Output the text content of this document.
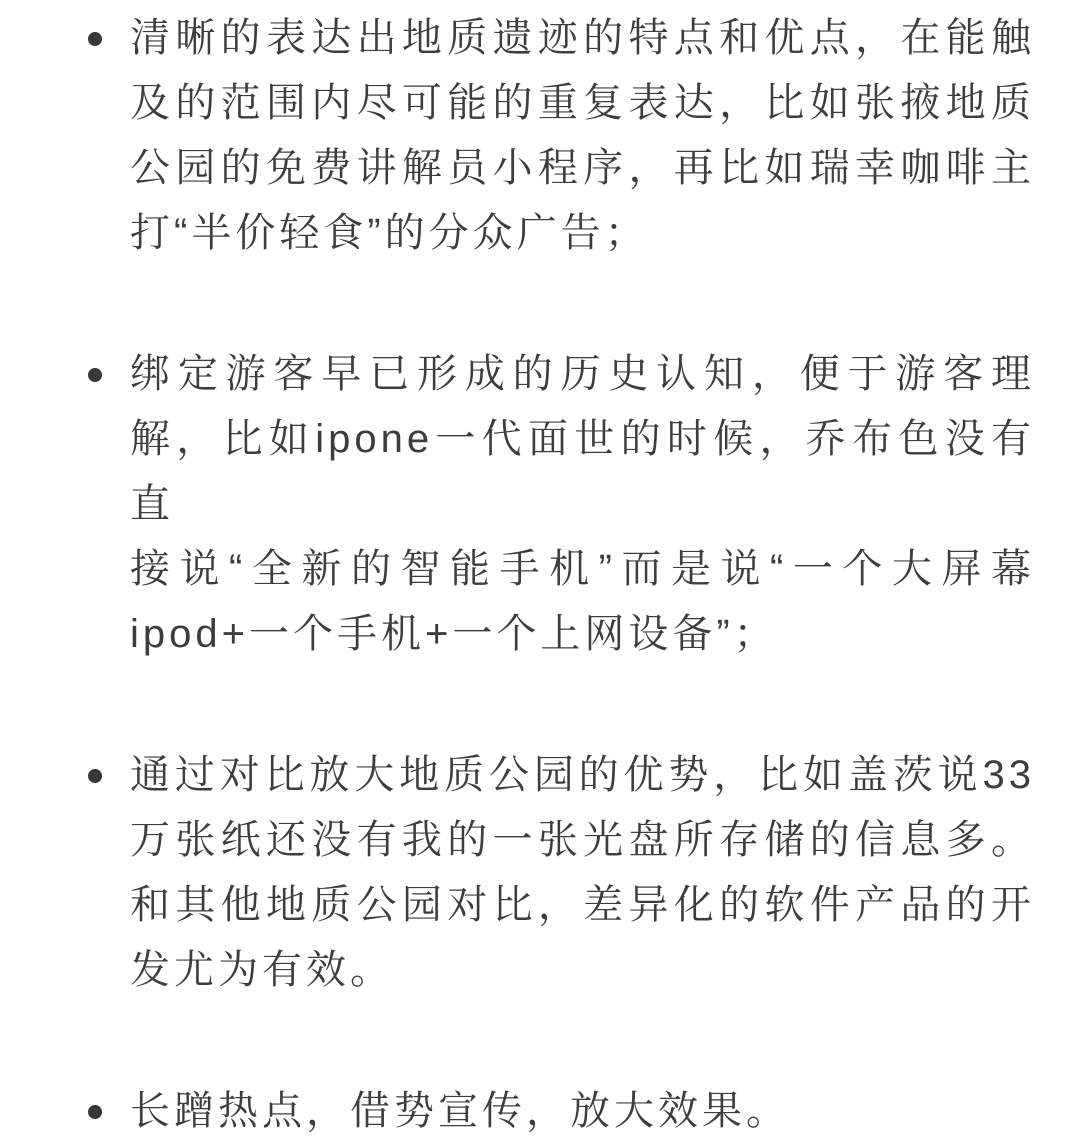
清晰的表达出地质遗迹的特点和优点，在能触
及的范围内尽可能的重复表达，比如张掖地质
公园的免费讲解员小程序，再比如瑞幸咖啡主
打“半价轻食”的分众广告；
绑定游客早已形成的历史认知，便于游客理
解，比如ipone一代面世的时候，乔布色没有直
接说“全新的智能手机”而是说“一个大屏幕
ipod+一个手机+一个上网设备”；
通过对比放大地质公园的优势，比如盖茨说33
万张纸还没有我的一张光盘所存储的信息多。
和其他地质公园对比，差异化的软件产品的开
发尤为有效。
长蹭热点，借势宣传，放大效果。
